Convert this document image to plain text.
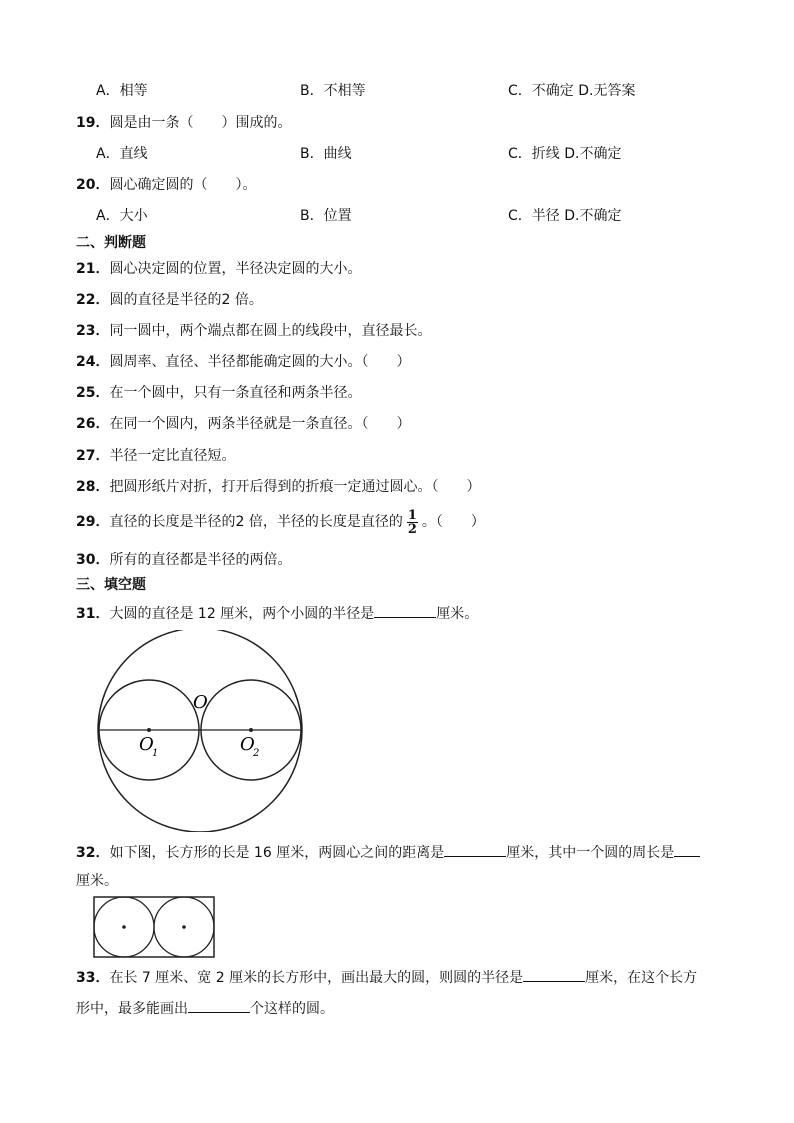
A．相等	B．不相等	C．不确定 D.无答案
19．圆是由一条（　　）围成的。
A．直线	B．曲线	C．折线 D.不确定
20．圆心确定圆的（　　）。
A．大小	B．位置	C．半径 D.不确定
二、判断题
21．圆心决定圆的位置，半径决定圆的大小。
22．圆的直径是半径的2 倍。
23．同一圆中，两个端点都在圆上的线段中，直径最长。
24．圆周率、直径、半径都能确定圆的大小。（　　）
25．在一个圆中，只有一条直径和两条半径。
26．在同一个圆内，两条半径就是一条直径。（　　）
27．半径一定比直径短。
28．把圆形纸片对折，打开后得到的折痕一定通过圆心。（　　）
29．直径的长度是半径的2 倍，半径的长度是直径的 $\frac{1}{2}$ 。（　　）
30．所有的直径都是半径的两倍。
三、填空题
31．大圆的直径是 12 厘米，两个小圆的半径是	厘米。
O
O
1	O
2
32．如下图，长方形的长是 16 厘米，两圆心之间的距离是	厘米，其中一个圆的周长是
厘米。
33．在长 7 厘米、宽 2 厘米的长方形中，画出最大的圆，则圆的半径是	厘米，在这个长方
形中，最多能画出	个这样的圆。
